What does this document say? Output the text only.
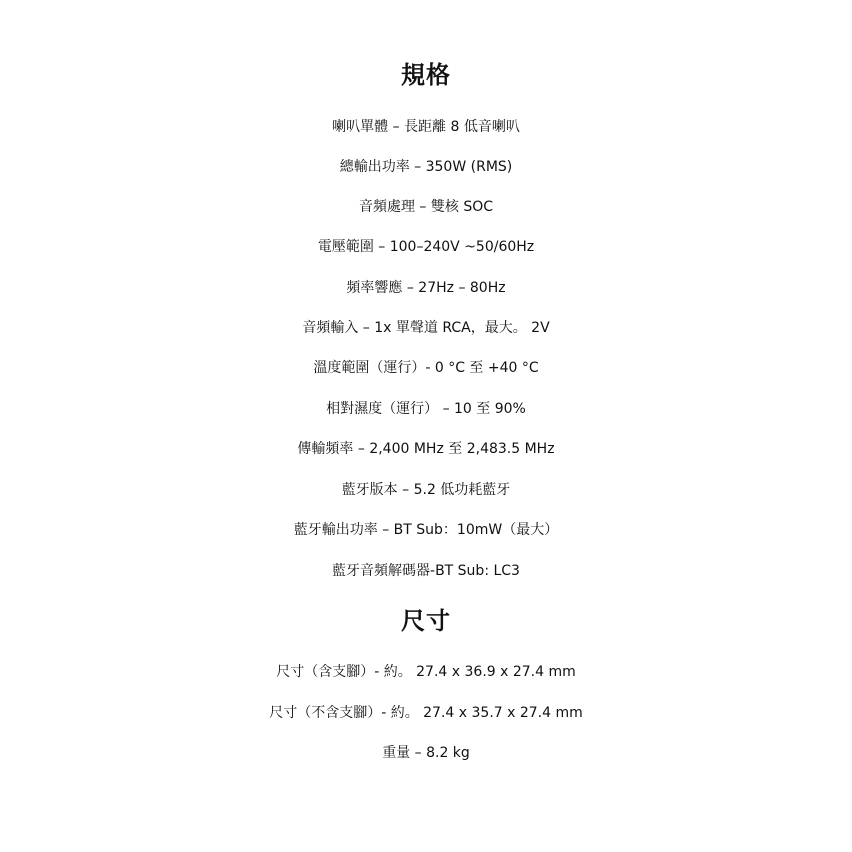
規格
喇叭單體 – 長距離 8 低音喇叭
總輸出功率 – 350W (RMS)
音頻處理 – 雙核 SOC
電壓範圍 – 100–240V ~50/60Hz
頻率響應 – 27Hz – 80Hz
音頻輸入 – 1x 單聲道 RCA，最大。 2V
溫度範圍（運行）- 0 °C 至 +40 °C
相對濕度（運行） – 10 至 90%
傳輸頻率 – 2,400 MHz 至 2,483.5 MHz
藍牙版本 – 5.2 低功耗藍牙
藍牙輸出功率 – BT Sub：10mW（最大）
藍牙音頻解碼器-BT Sub: LC3
尺寸
尺寸（含支腳）- 約。 27.4 x 36.9 x 27.4 mm
尺寸（不含支腳）- 約。 27.4 x 35.7 x 27.4 mm
重量 – 8.2 kg
